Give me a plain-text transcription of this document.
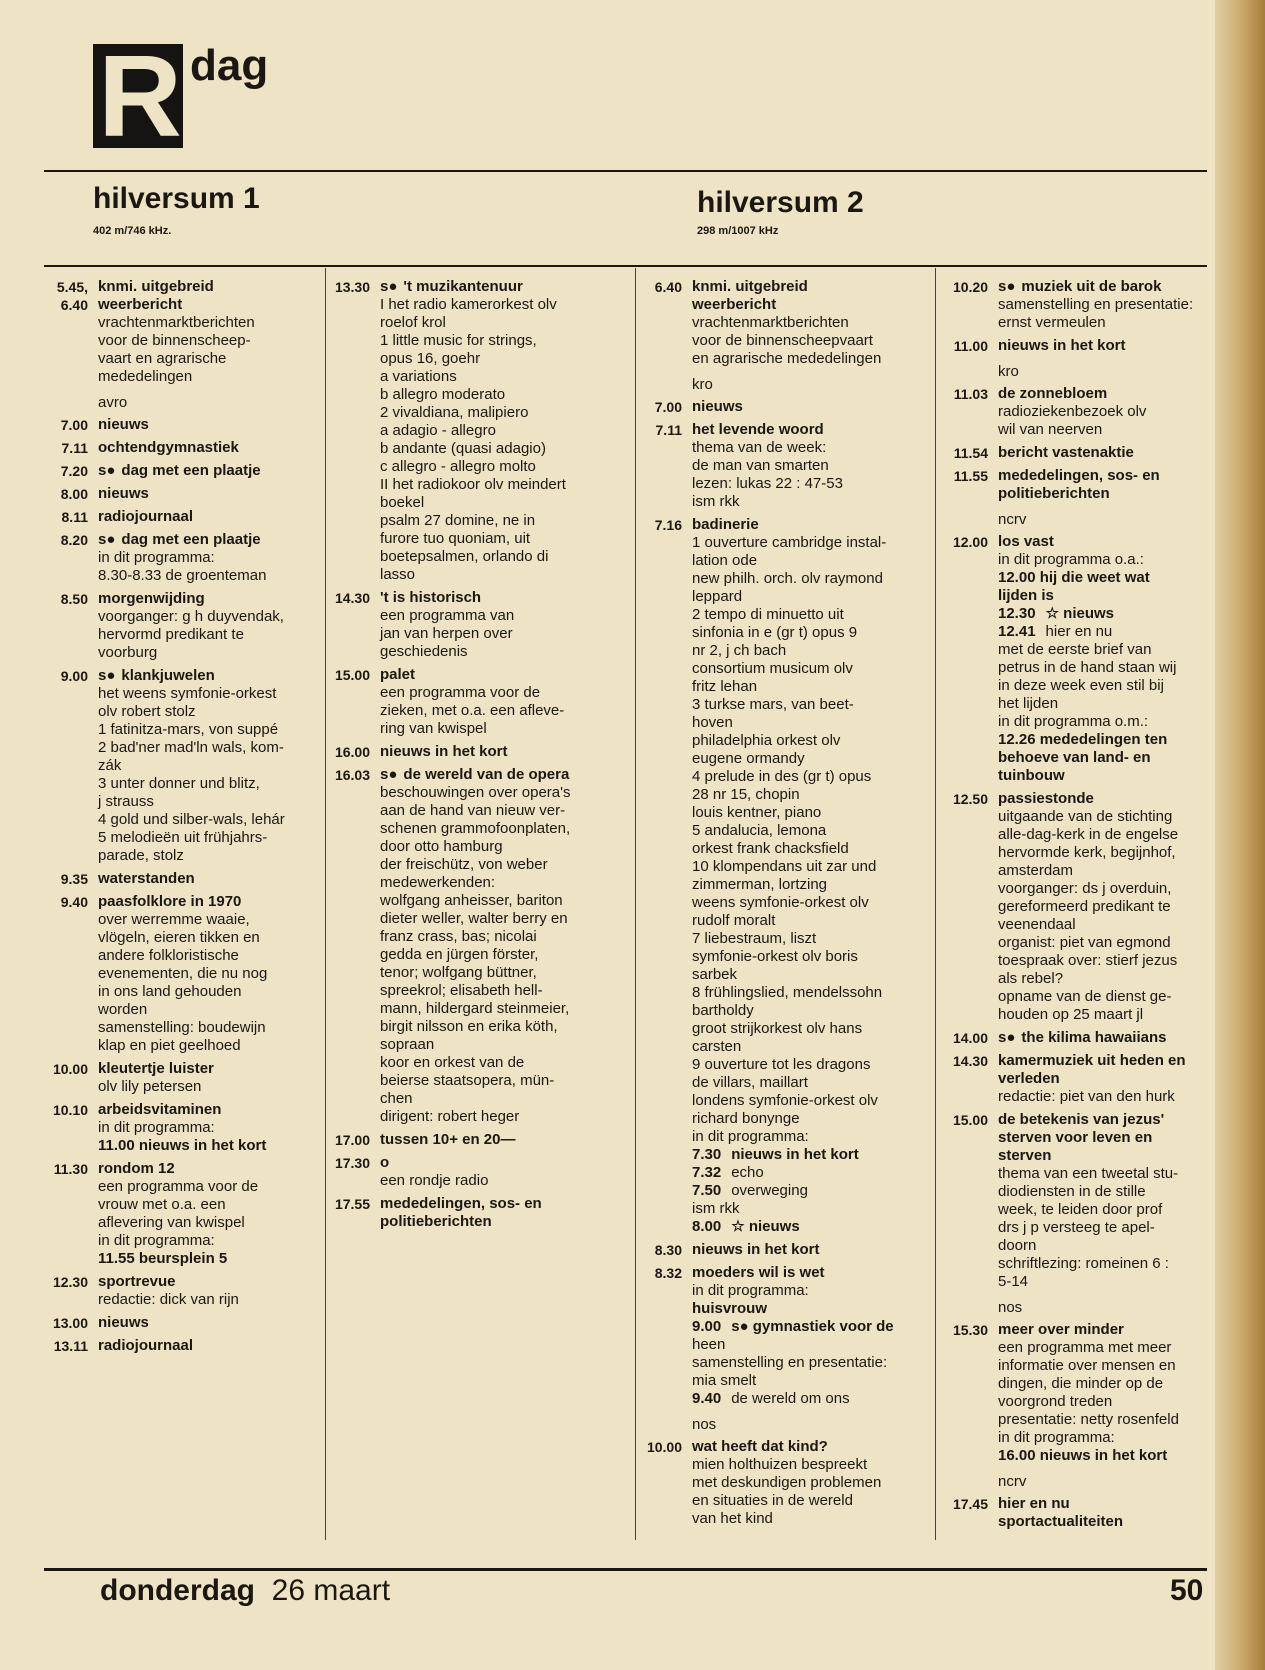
R dag
hilversum 1
402 m/746 kHz.
hilversum 2
298 m/1007 kHz
5.45, 6.40
knmi. uitgebreid
weerbericht
vrachtenmarktberichten
voor de binnenscheep-
vaart en agrarische
mededelingen
avro
7.00 nieuws
7.11 ochtendgymnastiek
7.20 s● dag met een plaatje
8.00 nieuws
8.11 radiojournaal
8.20 s● dag met een plaatje
in dit programma:
8.30-8.33 de groenteman
8.50 morgenwijding
voorganger: g h duyvendak,
hervormd predikant te
voorburg
9.00 s● klankjuwelen
het weens symfonie-orkest
olv robert stolz
1 fatinitza-mars, von suppé
2 bad'ner mad'ln wals, kom-
zák
3 unter donner und blitz,
j strauss
4 gold und silber-wals, lehár
5 melodieën uit frühjahrs-
parade, stolz
9.35 waterstanden
9.40 paasfolklore in 1970
over werremme waaie,
vlögeln, eieren tikken en
andere folkloristische
evenementen, die nu nog
in ons land gehouden
worden
samenstelling: boudewijn
klap en piet geelhoed
10.00 kleutertje luister
olv lily petersen
10.10 arbeidsvitaminen
in dit programma:
11.00 nieuws in het kort
11.30 rondom 12
een programma voor de
vrouw met o.a. een
aflevering van kwispel
in dit programma:
11.55 beursplein 5
12.30 sportrevue
redactie: dick van rijn
13.00 nieuws
13.11 radiojournaal
13.30 s● 't muzikantenuur
I het radio kamerorkest olv
roelof krol
1 little music for strings,
opus 16, goehr
a variations
b allegro moderato
2 vivaldiana, malipiero
a adagio - allegro
b andante (quasi adagio)
c allegro - allegro molto
II het radiokoor olv meindert
boekel
psalm 27 domine, ne in
furore tuo quoniam, uit
boetepsalmen, orlando di
lasso
14.30 't is historisch
een programma van
jan van herpen over
geschiedenis
15.00 palet
een programma voor de
zieken, met o.a. een afleve-
ring van kwispel
16.00 nieuws in het kort
16.03 s● de wereld van de opera
beschouwingen over opera's
aan de hand van nieuw ver-
schenen grammofoonplaten,
door otto hamburg
der freischütz, von weber
medewerkenden:
wolfgang anheisser, bariton
dieter weller, walter berry en
franz crass, bas; nicolai
gedda en jürgen förster,
tenor; wolfgang büttner,
spreekrol; elisabeth hell-
mann, hildergard steinmeier,
birgit nilsson en erika köth,
sopraan
koor en orkest van de
beierse staatsopera, mün-
chen
dirigent: robert heger
17.00 tussen 10+ en 20—
17.30 o
een rondje radio
17.55 mededelingen, sos- en
politieberichten
6.40 knmi. uitgebreid
weerbericht
vrachtenmarktberichten
voor de binnenscheepvaart
en agrarische mededelingen
kro
7.00 nieuws
7.11 het levende woord
thema van de week:
de man van smarten
lezen: lukas 22 : 47-53
ism rkk
7.16 badinerie
1 ouverture cambridge instal-
lation ode
new philh. orch. olv raymond
leppard
2 tempo di minuetto uit
sinfonia in e (gr t) opus 9
nr 2, j ch bach
consortium musicum olv
fritz lehan
3 turkse mars, van beet-
hoven
philadelphia orkest olv
eugene ormandy
4 prelude in des (gr t) opus
28 nr 15, chopin
louis kentner, piano
5 andalucia, lemona
orkest frank chacksfield
10 klompendans uit zar und
zimmerman, lortzing
weens symfonie-orkest olv
rudolf moralt
7 liebestraum, liszt
symfonie-orkest olv boris
sarbek
8 frühlingslied, mendelssohn
bartholdy
groot strijkorkest olv hans
carsten
9 ouverture tot les dragons
de villars, maillart
londens symfonie-orkest olv
richard bonynge
in dit programma:
7.30 nieuws in het kort
7.32 echo
7.50 overweging
ism rkk
8.00 ☆ nieuws
8.30 nieuws in het kort
8.32 moeders wil is wet
in dit programma:
huisvrouw
9.00 s● gymnastiek voor de
heen
samenstelling en presentatie:
mia smelt
9.40 de wereld om ons
nos
10.00 wat heeft dat kind?
mien holthuizen bespreekt
met deskundigen problemen
en situaties in de wereld
van het kind
10.20 s● muziek uit de barok
samenstelling en presentatie:
ernst vermeulen
11.00 nieuws in het kort
kro
11.03 de zonnebloem
radioziekenbezoek olv
wil van neerven
11.54 bericht vastenaktie
11.55 mededelingen, sos- en
politieberichten
ncrv
12.00 los vast
in dit programma o.a.:
12.00 hij die weet wat
lijden is
12.30 ☆ nieuws
12.41 hier en nu
met de eerste brief van
petrus in de hand staan wij
in deze week even stil bij
het lijden
in dit programma o.m.:
12.26 mededelingen ten
behoeve van land- en
tuinbouw
12.50 passiestonde
uitgaande van de stichting
alle-dag-kerk in de engelse
hervormde kerk, begijnhof,
amsterdam
voorganger: ds j overduin,
gereformeerd predikant te
veenendaal
organist: piet van egmond
toespraak over: stierf jezus
als rebel?
opname van de dienst ge-
houden op 25 maart jl
14.00 s● the kilima hawaiians
14.30 kamermuziek uit heden en
verleden
redactie: piet van den hurk
15.00 de betekenis van jezus'
sterven voor leven en
sterven
thema van een tweetal stu-
diodiensten in de stille
week, te leiden door prof
drs j p versteeg te apel-
doorn
schriftlezing: romeinen 6 :
5-14
nos
15.30 meer over minder
een programma met meer
informatie over mensen en
dingen, die minder op de
voorgrond treden
presentatie: netty rosenfeld
in dit programma:
16.00 nieuws in het kort
ncrv
17.45 hier en nu
sportactualiteiten
donderdag 26 maart	50
